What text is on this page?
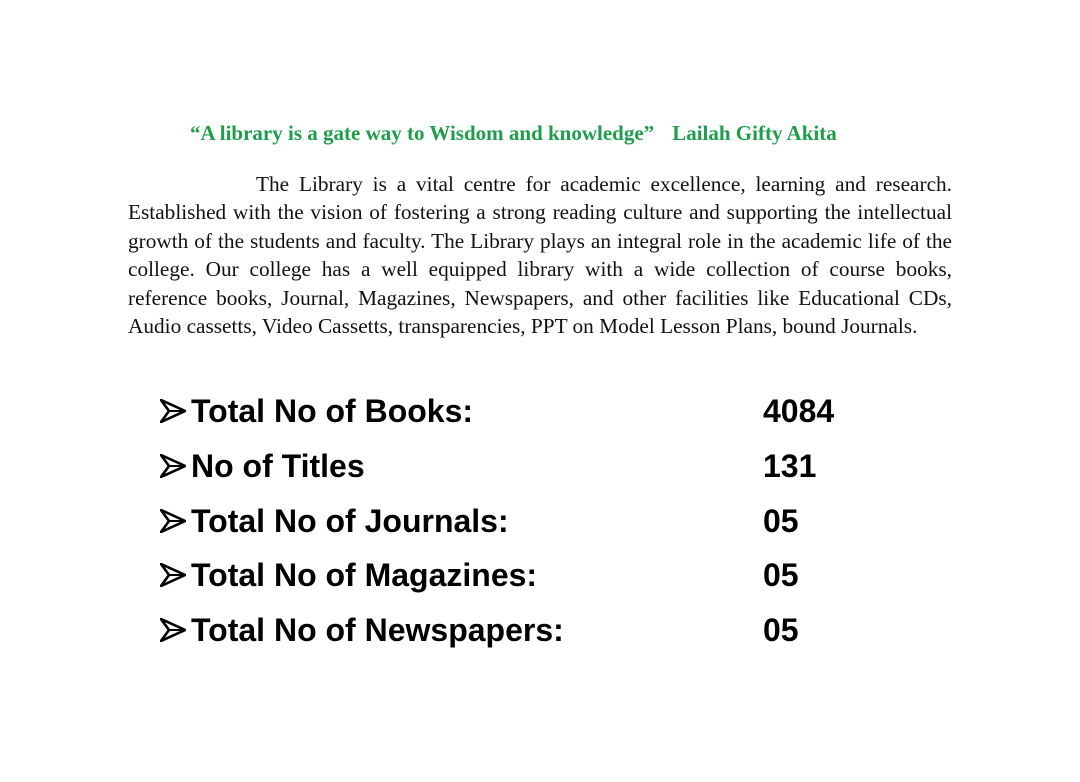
“A library is a gate way to Wisdom and knowledge” Lailah Gifty Akita
The Library is a vital centre for academic excellence, learning and research. Established with the vision of fostering a strong reading culture and supporting the intellectual growth of the students and faculty. The Library plays an integral role in the academic life of the college. Our college has a well equipped library with a wide collection of course books, reference books, Journal, Magazines, Newspapers, and other facilities like Educational CDs, Audio cassetts, Video Cassetts, transparencies, PPT on Model Lesson Plans, bound Journals.
Total No of Books:	4084
No of Titles	131
Total No of Journals:	05
Total No of Magazines:	05
Total No of Newspapers:	05
